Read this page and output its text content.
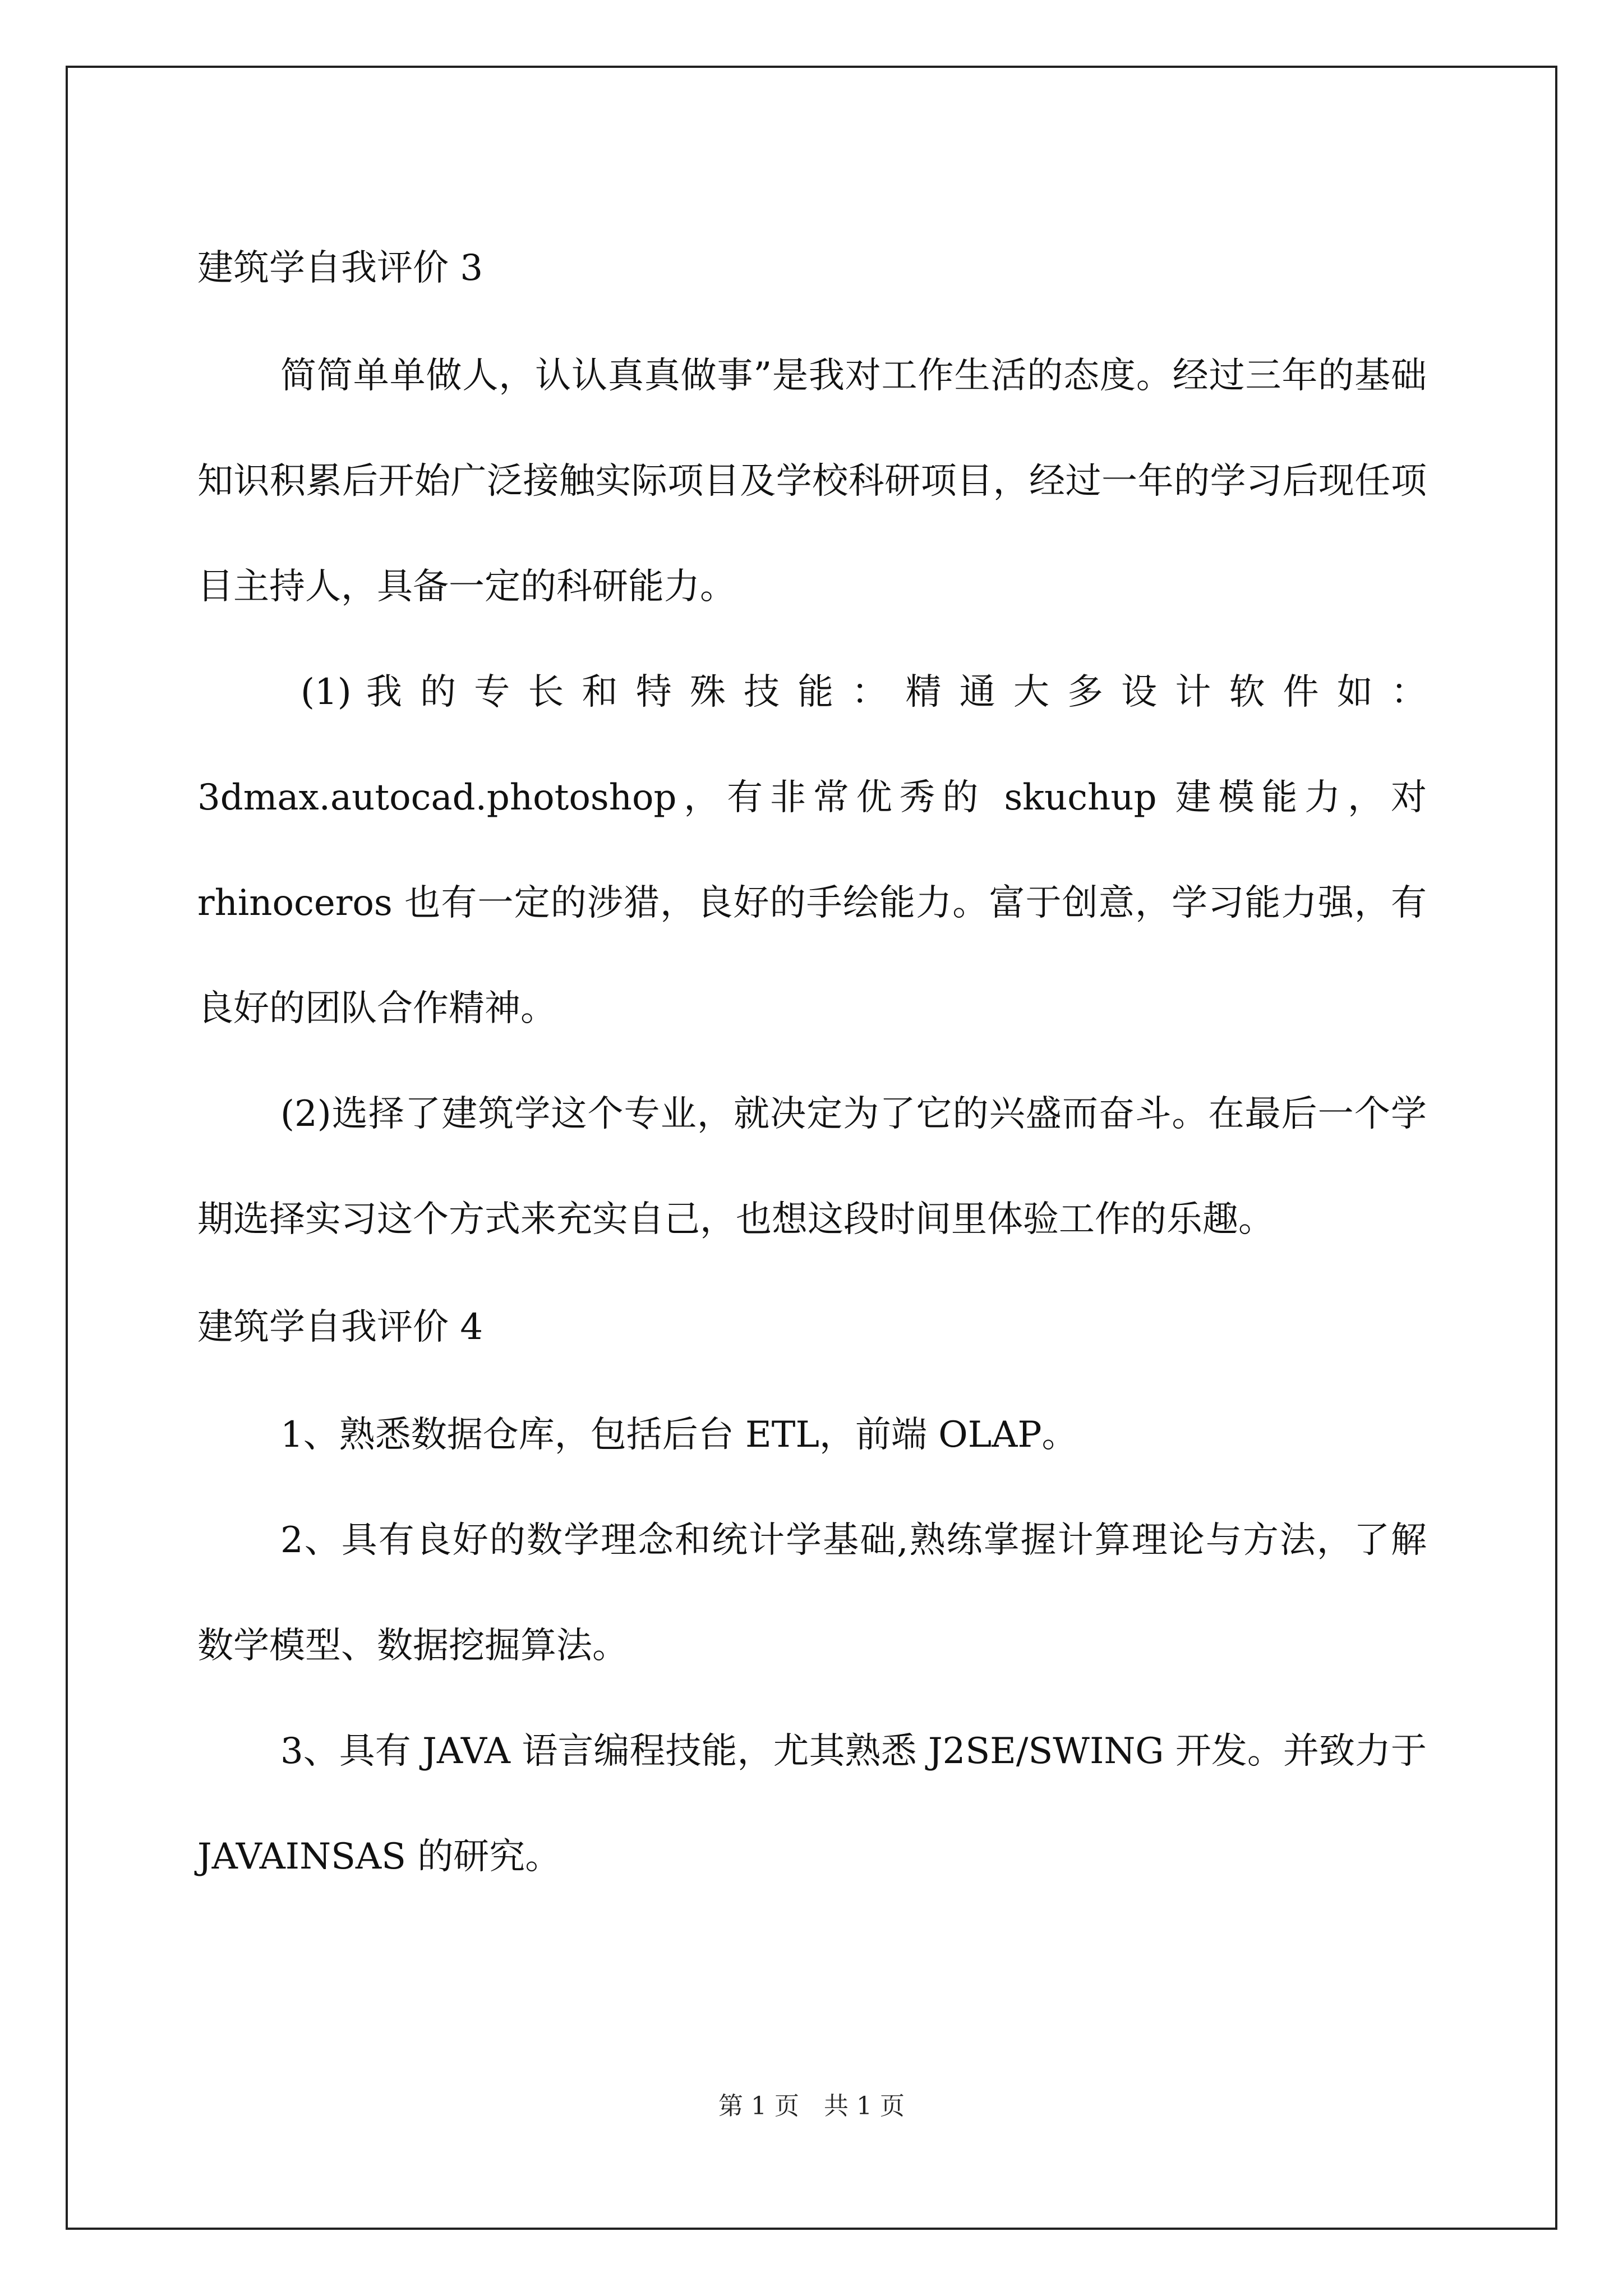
建筑学自我评价 3

简简单单做人，认认真真做事”是我对工作生活的态度。经过三年的基础知识积累后开始广泛接触实际项目及学校科研项目，经过一年的学习后现任项目主持人，具备一定的科研能力。

(1) 我 的 专 长 和 特 殊 技 能 ： 精 通 大 多 设 计 软 件 如 ：3dmax.autocad.photoshop，有非常优秀的 skuchup 建模能力，对 rhinoceros 也有一定的涉猎，良好的手绘能力。富于创意，学习能力强，有良好的团队合作精神。

(2)选择了建筑学这个专业，就决定为了它的兴盛而奋斗。在最后一个学期选择实习这个方式来充实自己，也想这段时间里体验工作的乐趣。

建筑学自我评价 4

1、熟悉数据仓库，包括后台 ETL，前端 OLAP。

2、具有良好的数学理念和统计学基础,熟练掌握计算理论与方法，了解数学模型、数据挖掘算法。

3、具有 JAVA 语言编程技能，尤其熟悉 J2SE/SWING 开发。并致力于 JAVAINSAS 的研究。

第 1 页　共 1 页
